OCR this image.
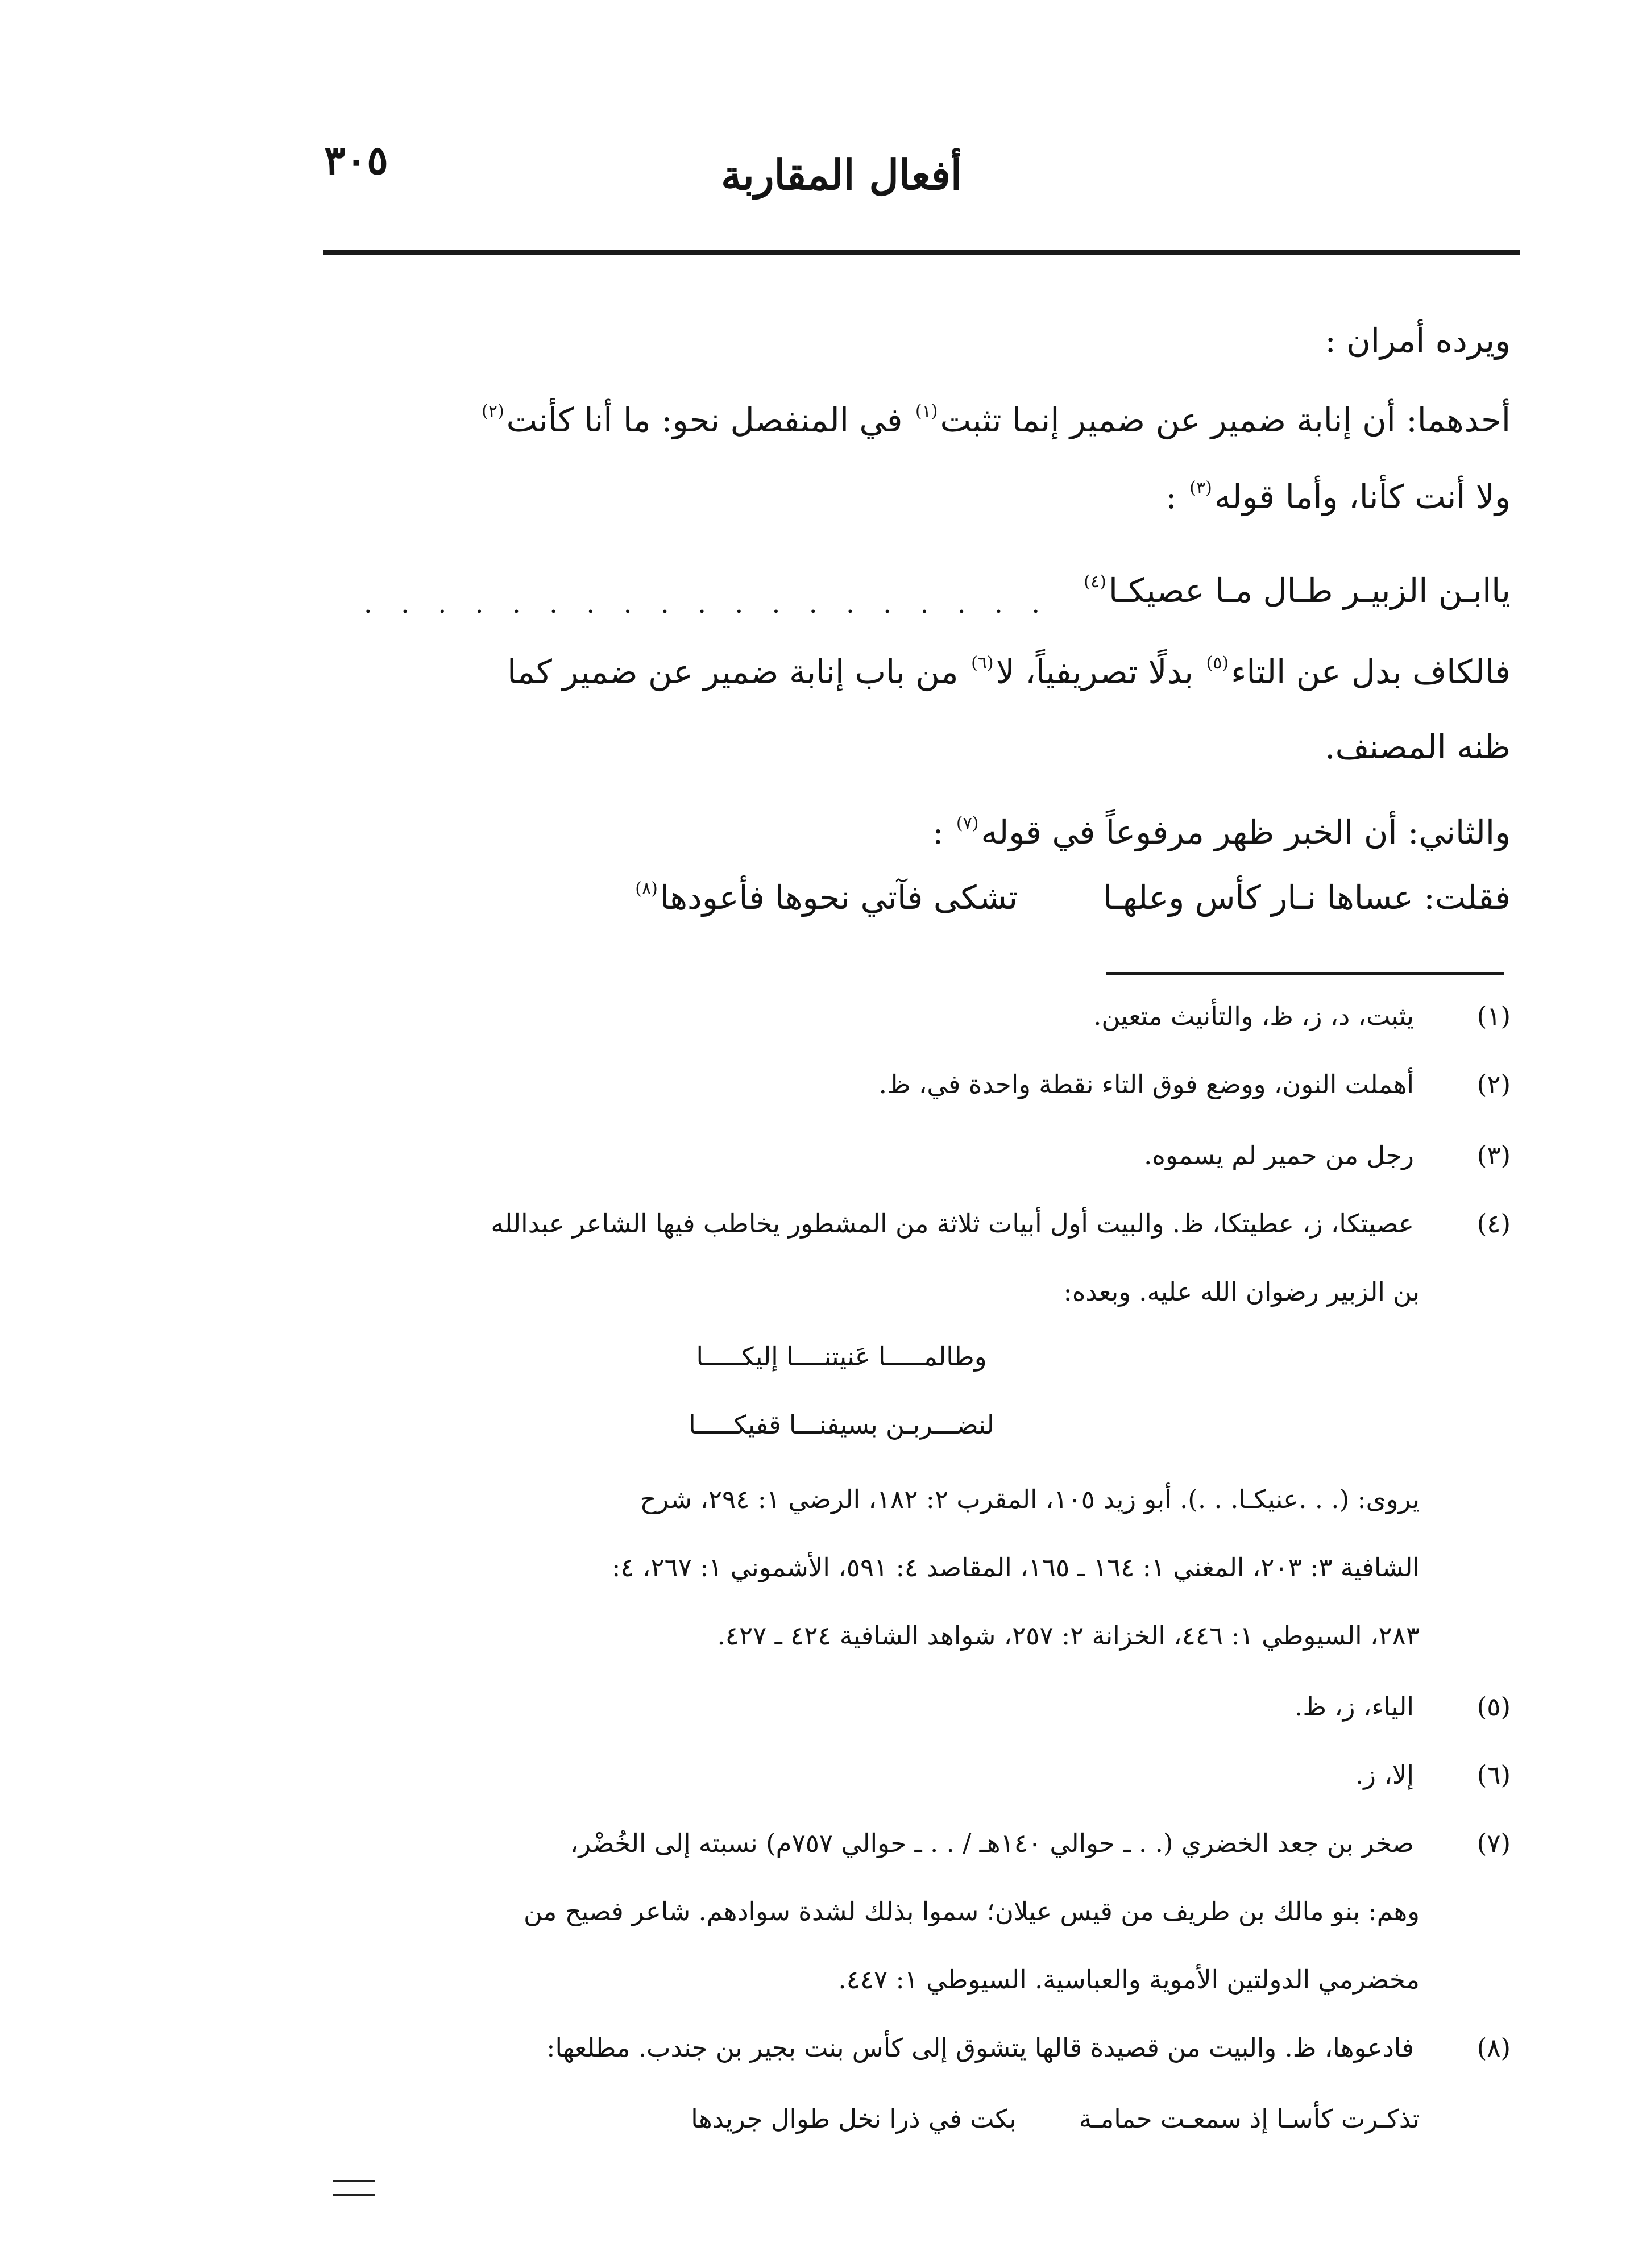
٣٠٥	أفعال المقاربة
ويرده أمران :
أحدهما: أن إنابة ضمير عن ضمير إنما تثبت$^{(١)}$ في المنفصل نحو: ما أنا كأنت$^{(٢)}$
ولا أنت كأنا، وأما قوله$^{(٣)}$ :
ياابـن الزبيـر طـال مـا عصيكـا$^{(٤)}$
. . . . . . . . . . . . . . . . . . .
فالكاف بدل عن التاء$^{(٥)}$ بدلًا تصريفياً، لا$^{(٦)}$ من باب إنابة ضمير عن ضمير كما
ظنه المصنف.
والثاني: أن الخبر ظهر مرفوعاً في قوله$^{(٧)}$ :
فقلت: عساها نـار كأس وعلهـاتشكى فآتي نحوها فأعودها$^{(٨)}$
(١)يثبت، د، ز، ظ، والتأنيث متعين.
(٢)أهملت النون، ووضع فوق التاء نقطة واحدة في، ظ.
(٣)رجل من حمير لم يسموه.
(٤)عصيتكا، ز، عطيتكا، ظ. والبيت أول أبيات ثلاثة من المشطور يخاطب فيها الشاعر عبدالله
بن الزبير رضوان الله عليه. وبعده:
وطالمـــــا عَنيتنــــا إليكـــــا
لنضـــربـن بسيفنـــا قفيكـــــا
يروى: (. . .عنيكـا. . .). أبو زيد ١٠٥، المقرب ٢: ١٨٢، الرضي ١: ٢٩٤، شرح
الشافية ٣: ٢٠٣، المغني ١: ١٦٤ ـ ١٦٥، المقاصد ٤: ٥٩١، الأشموني ١: ٢٦٧، ٤:
٢٨٣، السيوطي ١: ٤٤٦، الخزانة ٢: ٢٥٧، شواهد الشافية ٤٢٤ ـ ٤٢٧.
(٥)الياء، ز، ظ.
(٦)إلا، ز.
(٧)صخر بن جعد الخضري (. . ـ حوالي ١٤٠هـ / . . ـ حوالي ٧٥٧م) نسبته إلى الخُضْر،
وهم: بنو مالك بن طريف من قيس عيلان؛ سموا بذلك لشدة سوادهم. شاعر فصيح من
مخضرمي الدولتين الأموية والعباسية. السيوطي ١: ٤٤٧.
(٨)فادعوها، ظ. والبيت من قصيدة قالها يتشوق إلى كأس بنت بجير بن جندب. مطلعها:
تذكـرت كأسـا إذ سمعـت حمامـةبكت في ذرا نخل طوال جريدها
